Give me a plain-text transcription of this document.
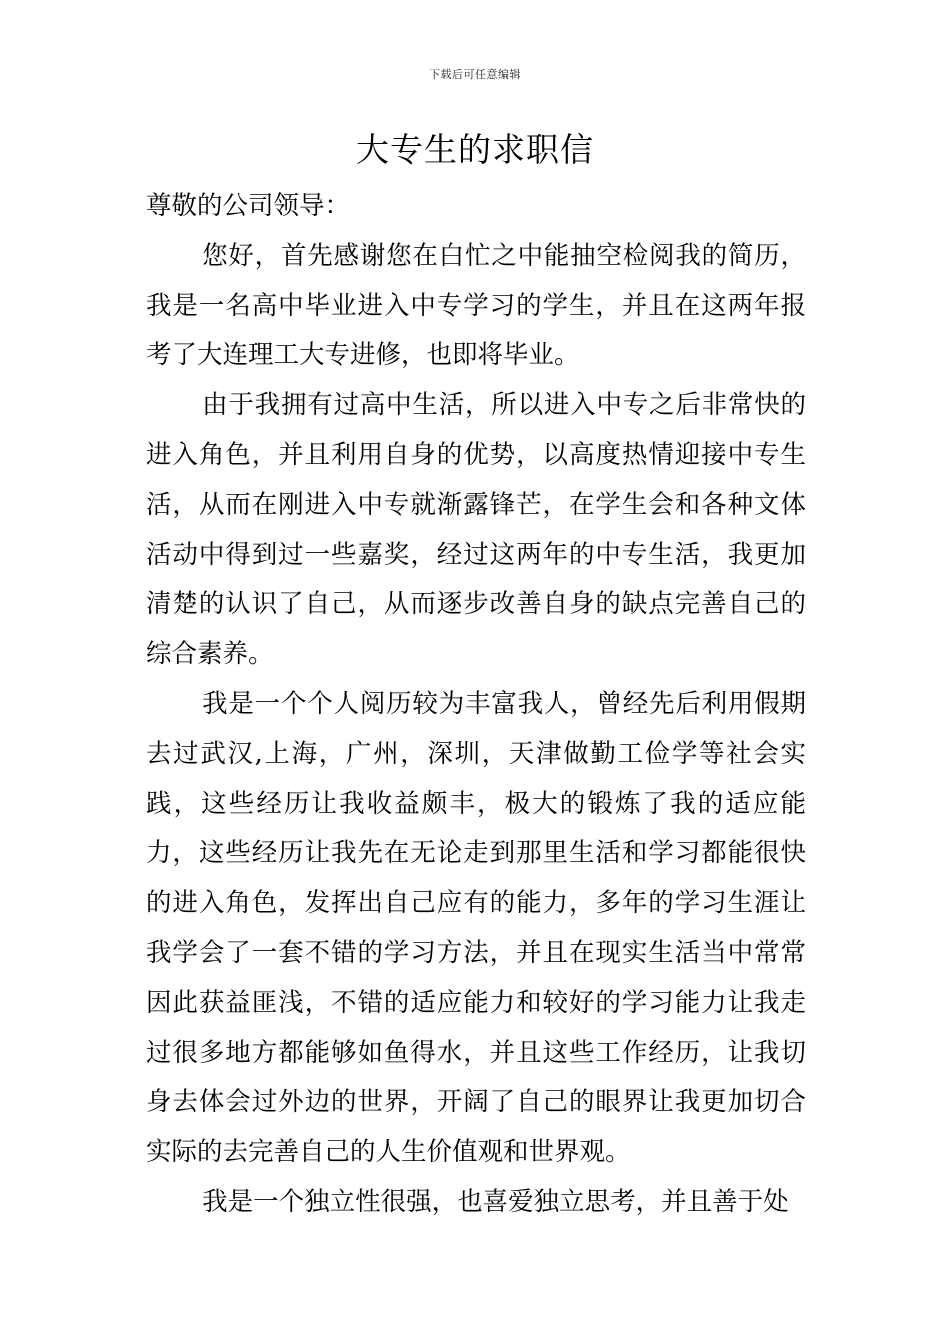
下载后可任意编辑
大专生的求职信

尊敬的公司领导：

您好，首先感谢您在白忙之中能抽空检阅我的简历，我是一名高中毕业进入中专学习的学生，并且在这两年报考了大连理工大专进修，也即将毕业。

由于我拥有过高中生活，所以进入中专之后非常快的进入角色，并且利用自身的优势，以高度热情迎接中专生活，从而在刚进入中专就渐露锋芒，在学生会和各种文体活动中得到过一些嘉奖，经过这两年的中专生活，我更加清楚的认识了自己，从而逐步改善自身的缺点完善自己的综合素养。

我是一个个人阅历较为丰富我人，曾经先后利用假期去过武汉,上海，广州，深圳，天津做勤工俭学等社会实践，这些经历让我收益颇丰，极大的锻炼了我的适应能力，这些经历让我先在无论走到那里生活和学习都能很快的进入角色，发挥出自己应有的能力，多年的学习生涯让我学会了一套不错的学习方法，并且在现实生活当中常常因此获益匪浅，不错的适应能力和较好的学习能力让我走过很多地方都能够如鱼得水，并且这些工作经历，让我切身去体会过外边的世界，开阔了自己的眼界让我更加切合实际的去完善自己的人生价值观和世界观。

我是一个独立性很强，也喜爱独立思考，并且善于处
